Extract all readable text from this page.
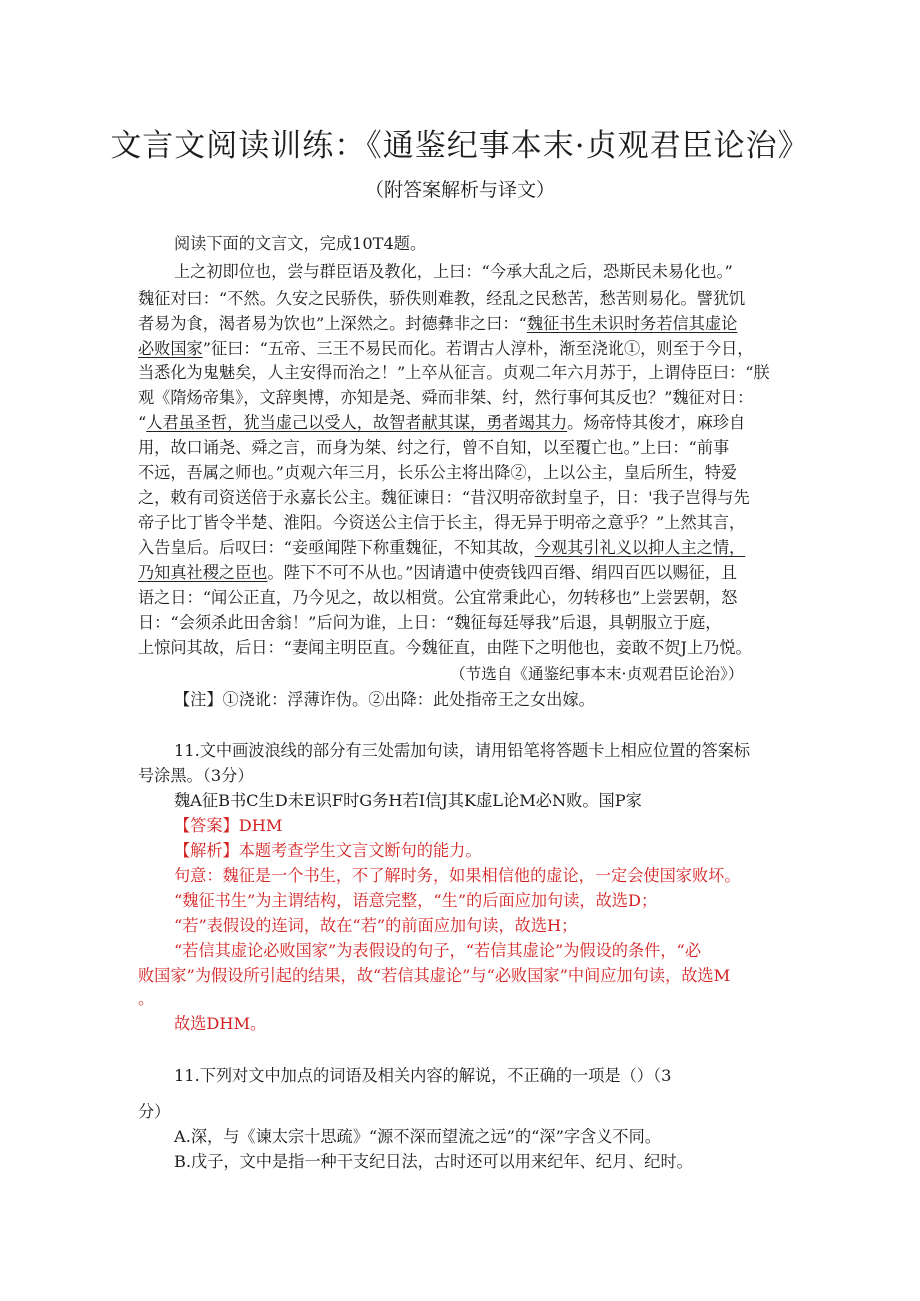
文言文阅读训练：《通鉴纪事本末·贞观君臣论治》
（附答案解析与译文）
阅读下面的文言文，完成10T4题。
上之初即位也，尝与群臣语及教化，上曰：“今承大乱之后，恐斯民未易化也。”
魏征对曰：“不然。久安之民骄佚，骄佚则难教，经乱之民愁苦，愁苦则易化。譬犹饥
者易为食，渴者易为饮也”上深然之。封德彝非之曰：“魏征书生未识时务若信其虚论
必败国家”征曰：“五帝、三王不易民而化。若谓古人淳朴，渐至浇讹①，则至于今日，
当悉化为鬼魅矣，人主安得而治之！”上卒从征言。贞观二年六月苏于，上谓侍臣曰：“朕
观《隋炀帝集》，文辞奥博，亦知是尧、舜而非桀、纣，然行事何其反也？”魏征对日：
“人君虽圣哲，犹当虚己以受人，故智者献其谋，勇者竭其力。炀帝恃其俊才，麻珍自
用，故口诵尧、舜之言，而身为桀、纣之行，曾不自知，以至覆亡也。”上曰：“前事
不远，吾属之师也。”贞观六年三月，长乐公主将出降②，上以公主，皇后所生，特爱
之，敕有司资送倍于永嘉长公主。魏征谏日：“昔汉明帝欲封皇子，日：'我子岂得与先
帝子比丁皆令半楚、淮阳。今资送公主信于长主，得无异于明帝之意乎？”上然其言，
入告皇后。后叹曰：“妾亟闻陛下称重魏征，不知其故，今观其引礼义以抑人主之情，
乃知真社稷之臣也。陛下不可不从也。”因请遣中使赍钱四百缗、绢四百匹以赐征，且
语之日：“闻公正直，乃今见之，故以相赏。公宜常秉此心，勿转移也”上尝罢朝，怒
日：“会须杀此田舍翁！”后问为谁，上日：“魏征每廷辱我”后退，具朝服立于庭，
上惊问其故，后日：“妻闻主明臣直。今魏征直，由陛下之明他也，妾敢不贺J上乃悦。
（节选自《通鉴纪事本末·贞观君臣论治》）
【注】①浇讹：浮薄诈伪。②出降：此处指帝王之女出嫁。
11.文中画波浪线的部分有三处需加句读，请用铅笔将答题卡上相应位置的答案标
号涂黑。（3分）
魏A征B书C生D未E识F时G务H若I信J其K虚L论M必N败。国P家
【答案】DHM
【解析】本题考查学生文言文断句的能力。
句意：魏征是一个书生，不了解时务，如果相信他的虚论，一定会使国家败坏。
“魏征书生”为主谓结构，语意完整，“生”的后面应加句读，故选D；
“若”表假设的连词，故在“若”的前面应加句读，故选H；
“若信其虚论必败国家”为表假设的句子，“若信其虚论”为假设的条件，“必
败国家”为假设所引起的结果，故“若信其虚论”与“必败国家”中间应加句读，故选M
。
故选DHM。
11.下列对文中加点的词语及相关内容的解说，不正确的一项是（）（3
分）
A.深，与《谏太宗十思疏》“源不深而望流之远”的“深”字含义不同。
B.戊子，文中是指一种干支纪日法，古时还可以用来纪年、纪月、纪时。
